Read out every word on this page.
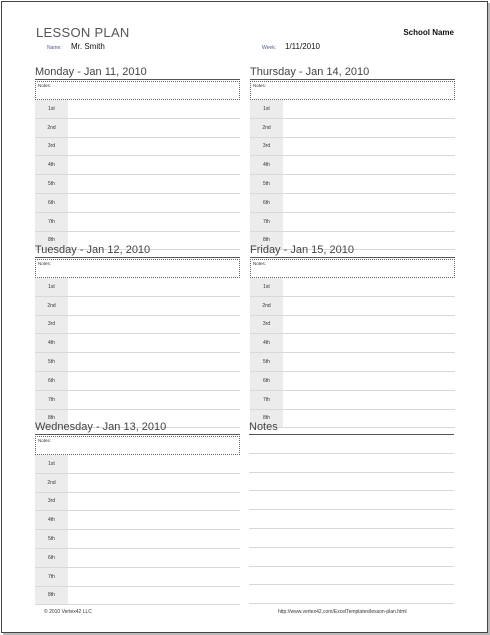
LESSON PLAN	School Name
Name: Mr. Smith	Week: 1/11/2010
Monday - Jan 11, 2010
Notes:
1st
2nd
3rd
4th
5th
6th
7th
8th
Tuesday - Jan 12, 2010
Notes:
1st
2nd
3rd
4th
5th
6th
7th
8th
Wednesday - Jan 13, 2010
Notes:
1st
2nd
3rd
4th
5th
6th
7th
8th
Thursday - Jan 14, 2010
Notes:
1st
2nd
3rd
4th
5th
6th
7th
8th
Friday - Jan 15, 2010
Notes:
1st
2nd
3rd
4th
5th
6th
7th
8th
Notes
© 2010 Vertex42 LLC	http://www.vertex42.com/ExcelTemplates/lesson-plan.html
